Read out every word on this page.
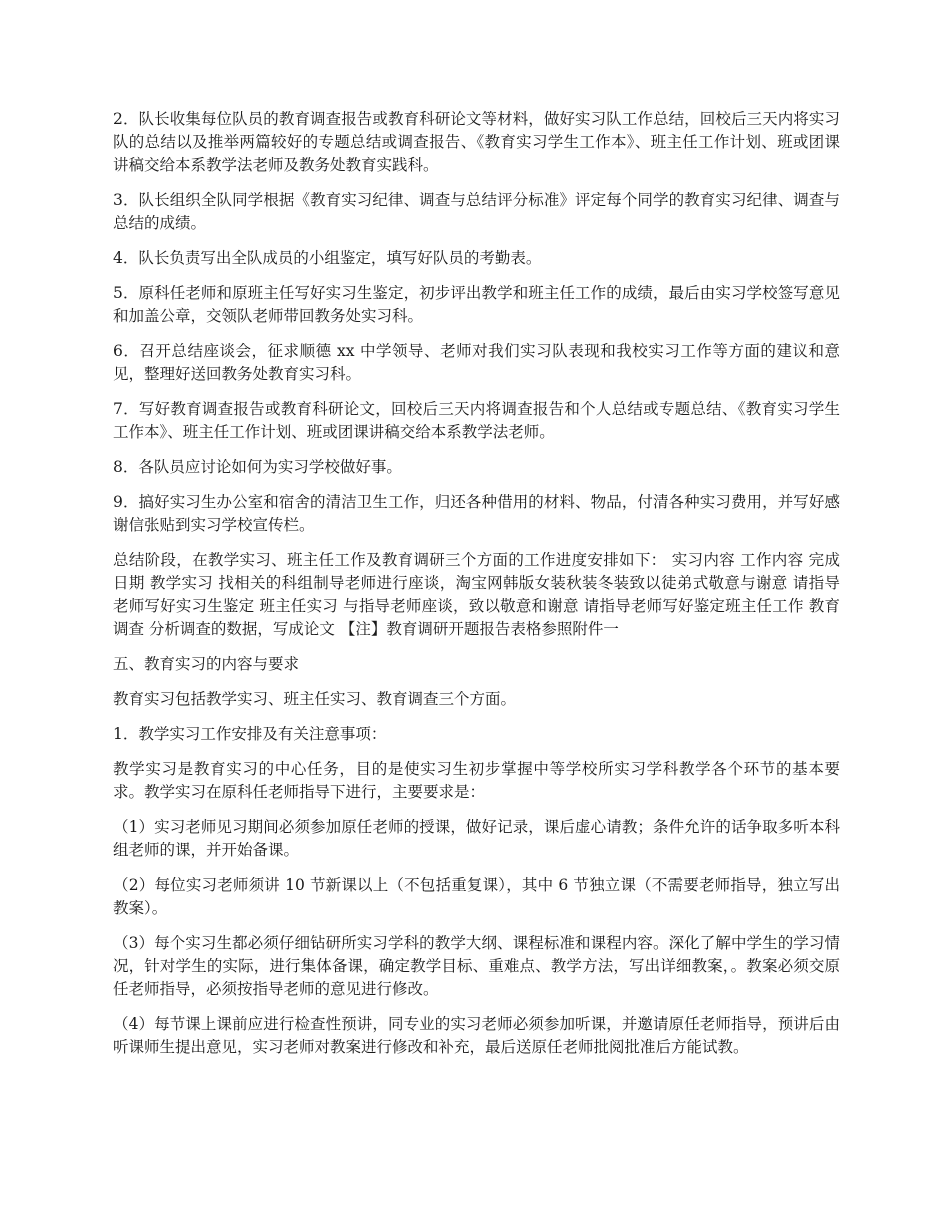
2．队长收集每位队员的教育调查报告或教育科研论文等材料，做好实习队工作总结，回校后三天内将实习队的总结以及推举两篇较好的专题总结或调查报告、《教育实习学生工作本》、班主任工作计划、班或团课讲稿交给本系教学法老师及教务处教育实践科。

3．队长组织全队同学根据《教育实习纪律、调查与总结评分标准》评定每个同学的教育实习纪律、调查与总结的成绩。

4．队长负责写出全队成员的小组鉴定，填写好队员的考勤表。

5．原科任老师和原班主任写好实习生鉴定，初步评出教学和班主任工作的成绩，最后由实习学校签写意见和加盖公章，交领队老师带回教务处实习科。

6．召开总结座谈会，征求顺德 xx 中学领导、老师对我们实习队表现和我校实习工作等方面的建议和意见，整理好送回教务处教育实习科。

7．写好教育调查报告或教育科研论文，回校后三天内将调查报告和个人总结或专题总结、《教育实习学生工作本》、班主任工作计划、班或团课讲稿交给本系教学法老师。

8．各队员应讨论如何为实习学校做好事。

9．搞好实习生办公室和宿舍的清洁卫生工作，归还各种借用的材料、物品，付清各种实习费用，并写好感谢信张贴到实习学校宣传栏。

总结阶段，在教学实习、班主任工作及教育调研三个方面的工作进度安排如下： 实习内容 工作内容 完成日期 教学实习 找相关的科组制导老师进行座谈，淘宝网韩版女装秋装冬装致以徒弟式敬意与谢意 请指导老师写好实习生鉴定 班主任实习 与指导老师座谈，致以敬意和谢意 请指导老师写好鉴定班主任工作 教育调查 分析调查的数据，写成论文 【注】教育调研开题报告表格参照附件一

五、教育实习的内容与要求

教育实习包括教学实习、班主任实习、教育调查三个方面。

1．教学实习工作安排及有关注意事项：

教学实习是教育实习的中心任务，目的是使实习生初步掌握中等学校所实习学科教学各个环节的基本要求。教学实习在原科任老师指导下进行，主要要求是：

（1）实习老师见习期间必须参加原任老师的授课，做好记录，课后虚心请教；条件允许的话争取多听本科组老师的课，并开始备课。

（2）每位实习老师须讲 10 节新课以上（不包括重复课），其中 6 节独立课（不需要老师指导，独立写出教案）。

（3）每个实习生都必须仔细钻研所实习学科的教学大纲、课程标准和课程内容。深化了解中学生的学习情况，针对学生的实际，进行集体备课，确定教学目标、重难点、教学方法，写出详细教案，。教案必须交原任老师指导，必须按指导老师的意见进行修改。

（4）每节课上课前应进行检查性预讲，同专业的实习老师必须参加听课，并邀请原任老师指导，预讲后由听课师生提出意见，实习老师对教案进行修改和补充，最后送原任老师批阅批准后方能试教。
